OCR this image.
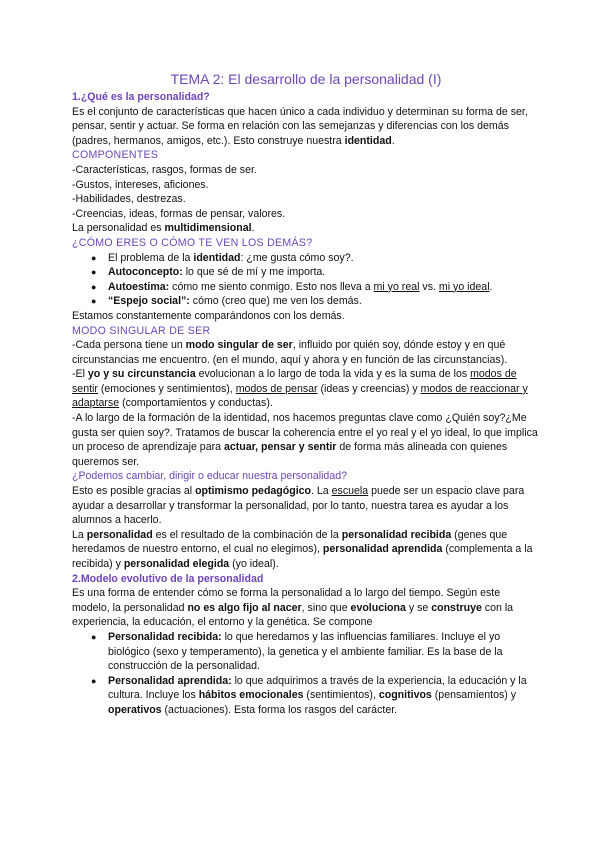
TEMA 2: El desarrollo de la personalidad (I)
1.¿Qué es la personalidad?

Es el conjunto de características que hacen único a cada individuo y determinan su forma de ser, pensar, sentir y actuar. Se forma en relación con las semejanzas y diferencias con los demás (padres, hermanos, amigos, etc.). Esto construye nuestra identidad.

COMPONENTES

-Características, rasgos, formas de ser.

-Gustos, intereses, aficiones.

-Habilidades, destrezas.

-Creencias, ideas, formas de pensar, valores.

La personalidad es multidimensional.

¿CÓMO ERES O CÓMO TE VEN LOS DEMÁS?
● El problema de la identidad: ¿me gusta cómo soy?.
● Autoconcepto: lo que sé de mí y me importa.
● Autoestima: cómo me siento conmigo. Esto nos lleva a mi yo real vs. mi yo ideal.
● “Espejo social”: cómo (creo que) me ven los demás.

Estamos constantemente comparándonos con los demás.

MODO SINGULAR DE SER

-Cada persona tiene un modo singular de ser, influido por quién soy, dónde estoy y en qué circunstancias me encuentro. (en el mundo, aquí y ahora y en función de las circunstancias).

-El yo y su circunstancia evolucionan a lo largo de toda la vida y es la suma de los modos de sentir (emociones y sentimientos), modos de pensar (ideas y creencias) y modos de reaccionar y adaptarse (comportamientos y conductas).

-A lo largo de la formación de la identidad, nos hacemos preguntas clave como ¿Quién soy?¿Me gusta ser quien soy?. Tratamos de buscar la coherencia entre el yo real y el yo ideal, lo que implica un proceso de aprendizaje para actuar, pensar y sentir de forma más alineada con quienes queremos ser.

¿Podemos cambiar, dirigir o educar nuestra personalidad?

Esto es posible gracias al optimismo pedagógico. La escuela puede ser un espacio clave para ayudar a desarrollar y transformar la personalidad, por lo tanto, nuestra tarea es ayudar a los alumnos a hacerlo.

La personalidad es el resultado de la combinación de la personalidad recibida (genes que heredamos de nuestro entorno, el cual no elegimos), personalidad aprendida (complementa a la recibida) y personalidad elegida (yo ideal).

2.Modelo evolutivo de la personalidad

Es una forma de entender cómo se forma la personalidad a lo largo del tiempo. Según este modelo, la personalidad no es algo fijo al nacer, sino que evoluciona y se construye con la experiencia, la educación, el entorno y la genética. Se compone

● Personalidad recibida: lo que heredamos y las influencias familiares. Incluye el yo biológico (sexo y temperamento), la genetica y el ambiente familiar. Es la base de la construcción de la personalidad.
● Personalidad aprendida: lo que adquirimos a través de la experiencia, la educación y la cultura. Incluye los hábitos emocionales (sentimientos), cognitivos (pensamientos) y operativos (actuaciones). Esta forma los rasgos del carácter.
